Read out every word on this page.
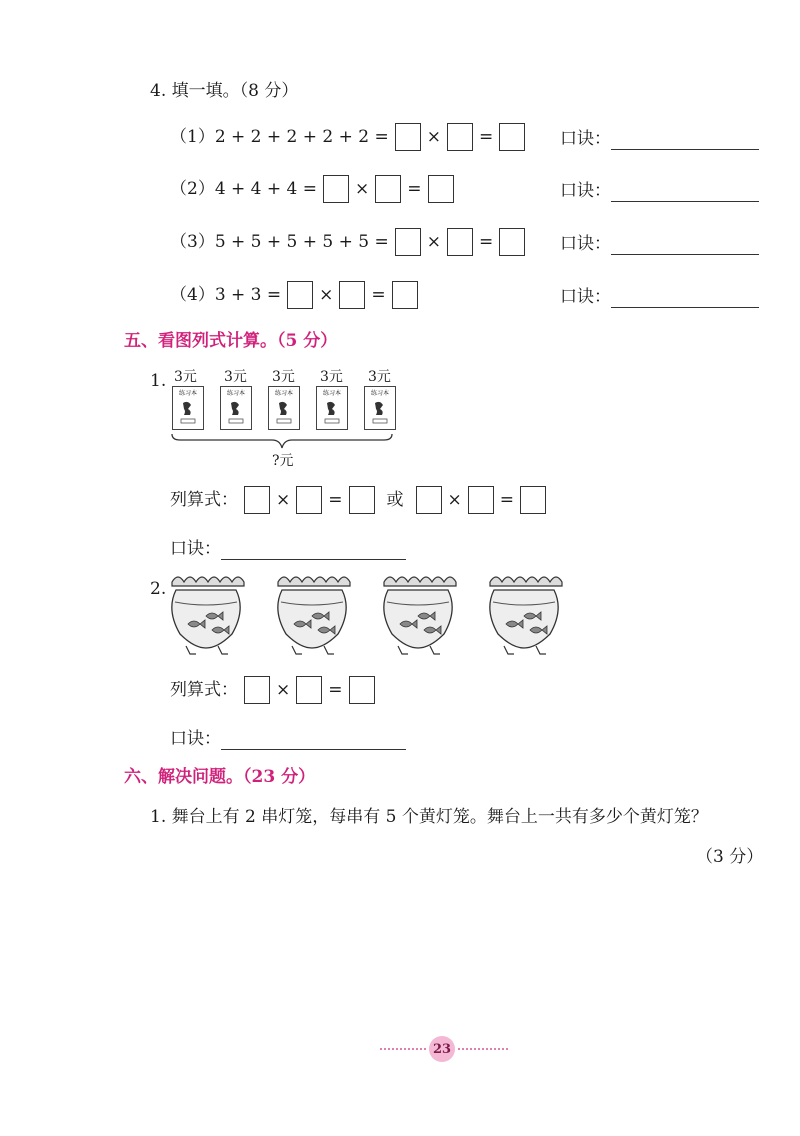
4. 填一填。（8 分）
（1）2 + 2 + 2 + 2 + 2 = × =	口诀：
（2）4 + 4 + 4 = × =	口诀：
（3）5 + 5 + 5 + 5 + 5 = × =	口诀：
（4）3 + 3 = × =	口诀：
五、看图列式计算。（5 分）
1. 3元 3元 3元 3元 3元
练习本	练习本	练习本	练习本	练习本
?元
列算式： × =	或	× =
口诀：
2.
列算式： × =
口诀：
六、解决问题。（23 分）
1. 舞台上有 2 串灯笼，每串有 5 个黄灯笼。舞台上一共有多少个黄灯笼？
（3 分）
23
